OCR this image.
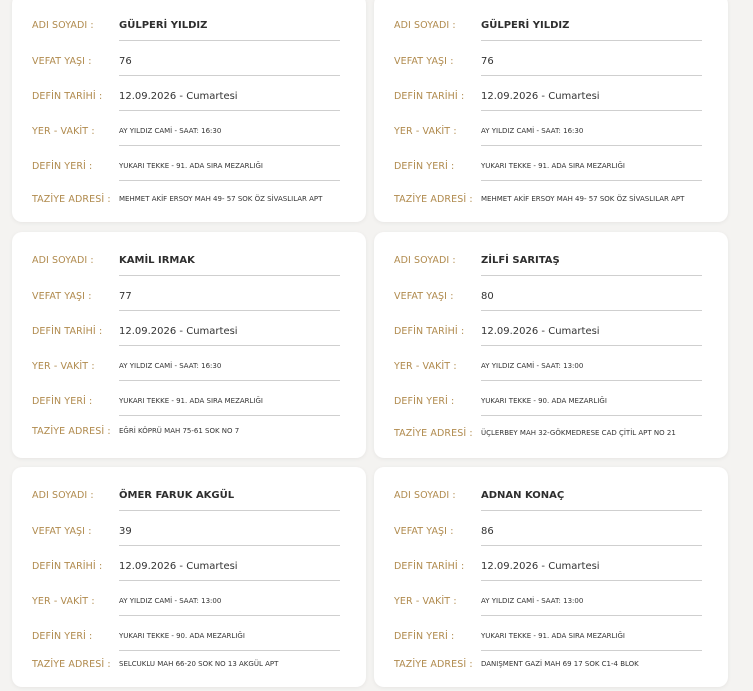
ADI SOYADI :	GÜLPERİ YILDIZ
VEFAT YAŞI :	76
DEFİN TARİHİ :	12.09.2026 - Cumartesi
YER - VAKİT :	AY YILDIZ CAMİ - SAAT: 16:30
DEFİN YERİ :	YUKARI TEKKE - 91. ADA SIRA MEZARLIĞI
TAZİYE ADRESİ :	MEHMET AKİF ERSOY MAH 49- 57 SOK ÖZ SİVASLILAR APT
ADI SOYADI :	GÜLPERİ YILDIZ
VEFAT YAŞI :	76
DEFİN TARİHİ :	12.09.2026 - Cumartesi
YER - VAKİT :	AY YILDIZ CAMİ - SAAT: 16:30
DEFİN YERİ :	YUKARI TEKKE - 91. ADA SIRA MEZARLIĞI
TAZİYE ADRESİ :	MEHMET AKİF ERSOY MAH 49- 57 SOK ÖZ SİVASLILAR APT
ADI SOYADI :	KAMİL IRMAK
VEFAT YAŞI :	77
DEFİN TARİHİ :	12.09.2026 - Cumartesi
YER - VAKİT :	AY YILDIZ CAMİ - SAAT: 16:30
DEFİN YERİ :	YUKARI TEKKE - 91. ADA SIRA MEZARLIĞI
TAZİYE ADRESİ :	EĞRİ KÖPRÜ MAH 75-61 SOK NO 7
ADI SOYADI :	ZİLFİ SARITAŞ
VEFAT YAŞI :	80
DEFİN TARİHİ :	12.09.2026 - Cumartesi
YER - VAKİT :	AY YILDIZ CAMİ - SAAT: 13:00
DEFİN YERİ :	YUKARI TEKKE - 90. ADA MEZARLIĞI
TAZİYE ADRESİ :	ÜÇLERBEY MAH 32-GÖKMEDRESE CAD ÇİTİL APT NO 21
ADI SOYADI :	ÖMER FARUK AKGÜL
VEFAT YAŞI :	39
DEFİN TARİHİ :	12.09.2026 - Cumartesi
YER - VAKİT :	AY YILDIZ CAMİ - SAAT: 13:00
DEFİN YERİ :	YUKARI TEKKE - 90. ADA MEZARLIĞI
TAZİYE ADRESİ :	SELCUKLU MAH 66-20 SOK NO 13 AKGÜL APT
ADI SOYADI :	ADNAN KONAÇ
VEFAT YAŞI :	86
DEFİN TARİHİ :	12.09.2026 - Cumartesi
YER - VAKİT :	AY YILDIZ CAMİ - SAAT: 13:00
DEFİN YERİ :	YUKARI TEKKE - 91. ADA SIRA MEZARLIĞI
TAZİYE ADRESİ :	DANIŞMENT GAZİ MAH 69 17 SOK C1-4 BLOK
